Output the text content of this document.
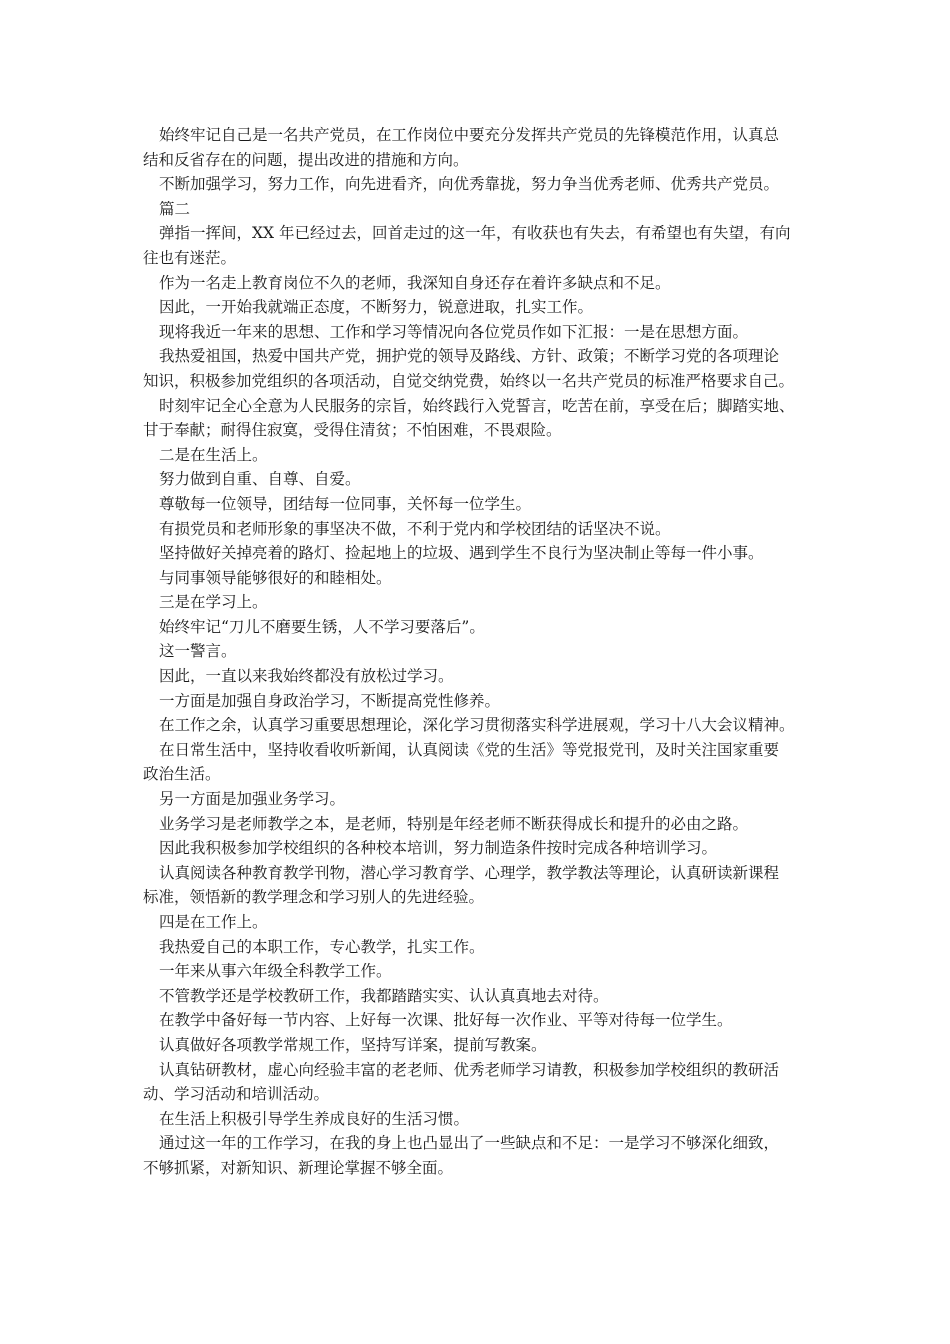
始终牢记自己是一名共产党员，在工作岗位中要充分发挥共产党员的先锋模范作用，认真总

结和反省存在的问题，提出改进的措施和方向。

不断加强学习，努力工作，向先进看齐，向优秀靠拢，努力争当优秀老师、优秀共产党员。

篇二

弹指一挥间，XX 年已经过去，回首走过的这一年，有收获也有失去，有希望也有失望，有向

往也有迷茫。

作为一名走上教育岗位不久的老师，我深知自身还存在着许多缺点和不足。

因此，一开始我就端正态度，不断努力，锐意进取，扎实工作。

现将我近一年来的思想、工作和学习等情况向各位党员作如下汇报：一是在思想方面。

我热爱祖国，热爱中国共产党，拥护党的领导及路线、方针、政策；不断学习党的各项理论

知识，积极参加党组织的各项活动，自觉交纳党费，始终以一名共产党员的标准严格要求自己。

时刻牢记全心全意为人民服务的宗旨，始终践行入党誓言，吃苦在前，享受在后；脚踏实地、

甘于奉献；耐得住寂寞，受得住清贫；不怕困难，不畏艰险。

二是在生活上。

努力做到自重、自尊、自爱。

尊敬每一位领导，团结每一位同事，关怀每一位学生。

有损党员和老师形象的事坚决不做，不利于党内和学校团结的话坚决不说。

坚持做好关掉亮着的路灯、捡起地上的垃圾、遇到学生不良行为坚决制止等每一件小事。

与同事领导能够很好的和睦相处。

三是在学习上。

始终牢记“刀儿不磨要生锈，人不学习要落后”。

这一警言。

因此，一直以来我始终都没有放松过学习。

一方面是加强自身政治学习，不断提高党性修养。

在工作之余，认真学习重要思想理论，深化学习贯彻落实科学进展观，学习十八大会议精神。

在日常生活中，坚持收看收听新闻，认真阅读《党的生活》等党报党刊，及时关注国家重要

政治生活。

另一方面是加强业务学习。

业务学习是老师教学之本，是老师，特别是年经老师不断获得成长和提升的必由之路。

因此我积极参加学校组织的各种校本培训，努力制造条件按时完成各种培训学习。

认真阅读各种教育教学刊物，潜心学习教育学、心理学，教学教法等理论，认真研读新课程

标准，领悟新的教学理念和学习别人的先进经验。

四是在工作上。

我热爱自己的本职工作，专心教学，扎实工作。

一年来从事六年级全科教学工作。

不管教学还是学校教研工作，我都踏踏实实、认认真真地去对待。

在教学中备好每一节内容、上好每一次课、批好每一次作业、平等对待每一位学生。

认真做好各项教学常规工作，坚持写详案，提前写教案。

认真钻研教材，虚心向经验丰富的老老师、优秀老师学习请教，积极参加学校组织的教研活

动、学习活动和培训活动。

在生活上积极引导学生养成良好的生活习惯。

通过这一年的工作学习，在我的身上也凸显出了一些缺点和不足：一是学习不够深化细致，

不够抓紧，对新知识、新理论掌握不够全面。
